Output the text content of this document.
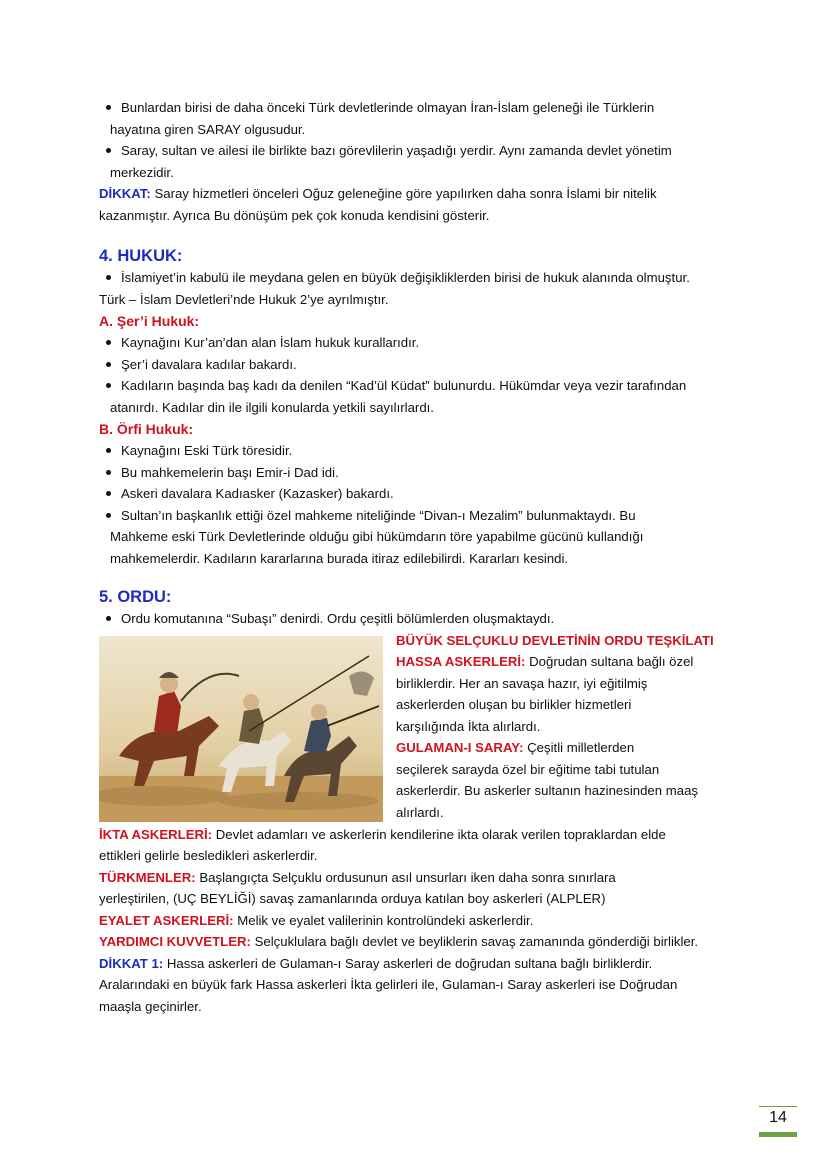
Bunlardan birisi de daha önceki Türk devletlerinde olmayan İran-İslam geleneği ile Türklerin
hayatına giren SARAY olgusudur.
Saray, sultan ve ailesi ile birlikte bazı görevlilerin yaşadığı yerdir. Aynı zamanda devlet yönetim
merkezidir.
DİKKAT: Saray hizmetleri önceleri Oğuz geleneğine göre yapılırken daha sonra İslami bir nitelik
kazanmıştır. Ayrıca Bu dönüşüm pek çok konuda kendisini gösterir.
4. HUKUK:
İslamiyet’in kabulü ile meydana gelen en büyük değişikliklerden birisi de hukuk alanında olmuştur.
Türk – İslam Devletleri’nde Hukuk 2’ye ayrılmıştır.
A. Şer’i Hukuk:
Kaynağını Kur’an’dan alan İslam hukuk kurallarıdır.
Şer’i davalara kadılar bakardı.
Kadıların başında baş kadı da denilen “Kad’ül Küdat” bulunurdu. Hükümdar veya vezir tarafından
atanırdı. Kadılar din ile ilgili konularda yetkili sayılırlardı.
B. Örfi Hukuk:
Kaynağını Eski Türk töresidir.
Bu mahkemelerin başı Emir-i Dad idi.
Askeri davalara Kadıasker (Kazasker) bakardı.
Sultan’ın başkanlık ettiği özel mahkeme niteliğinde “Divan-ı Mezalim” bulunmaktaydı. Bu
Mahkeme eski Türk Devletlerinde olduğu gibi hükümdarın töre yapabilme gücünü kullandığı
mahkemelerdir. Kadıların kararlarına burada itiraz edilebilirdi. Kararları kesindi.
5. ORDU:
Ordu komutanına “Subaşı” denirdi. Ordu çeşitli bölümlerden oluşmaktaydı.
BÜYÜK SELÇUKLU DEVLETİNİN ORDU TEŞKİLATI
HASSA ASKERLERİ: Doğrudan sultana bağlı özel
birliklerdir. Her an savaşa hazır, iyi eğitilmiş
askerlerden oluşan bu birlikler hizmetleri
karşılığında İkta alırlardı.
GULAMAN-I SARAY: Çeşitli milletlerden
seçilerek sarayda özel bir eğitime tabi tutulan
askerlerdir. Bu askerler sultanın hazinesinden maaş
alırlardı.
İKTA ASKERLERİ: Devlet adamları ve askerlerin kendilerine ikta olarak verilen topraklardan elde
ettikleri gelirle besledikleri askerlerdir.
TÜRKMENLER: Başlangıçta Selçuklu ordusunun asıl unsurları iken daha sonra sınırlara
yerleştirilen, (UÇ BEYLİĞİ) savaş zamanlarında orduya katılan boy askerleri (ALPLER)
EYALET ASKERLERİ: Melik ve eyalet valilerinin kontrolündeki askerlerdir.
YARDIMCI KUVVETLER: Selçuklulara bağlı devlet ve beyliklerin savaş zamanında gönderdiği birlikler.
DİKKAT 1: Hassa askerleri de Gulaman-ı Saray askerleri de doğrudan sultana bağlı birliklerdir.
Aralarındaki en büyük fark Hassa askerleri İkta gelirleri ile, Gulaman-ı Saray askerleri ise Doğrudan
maaşla geçinirler.
14
